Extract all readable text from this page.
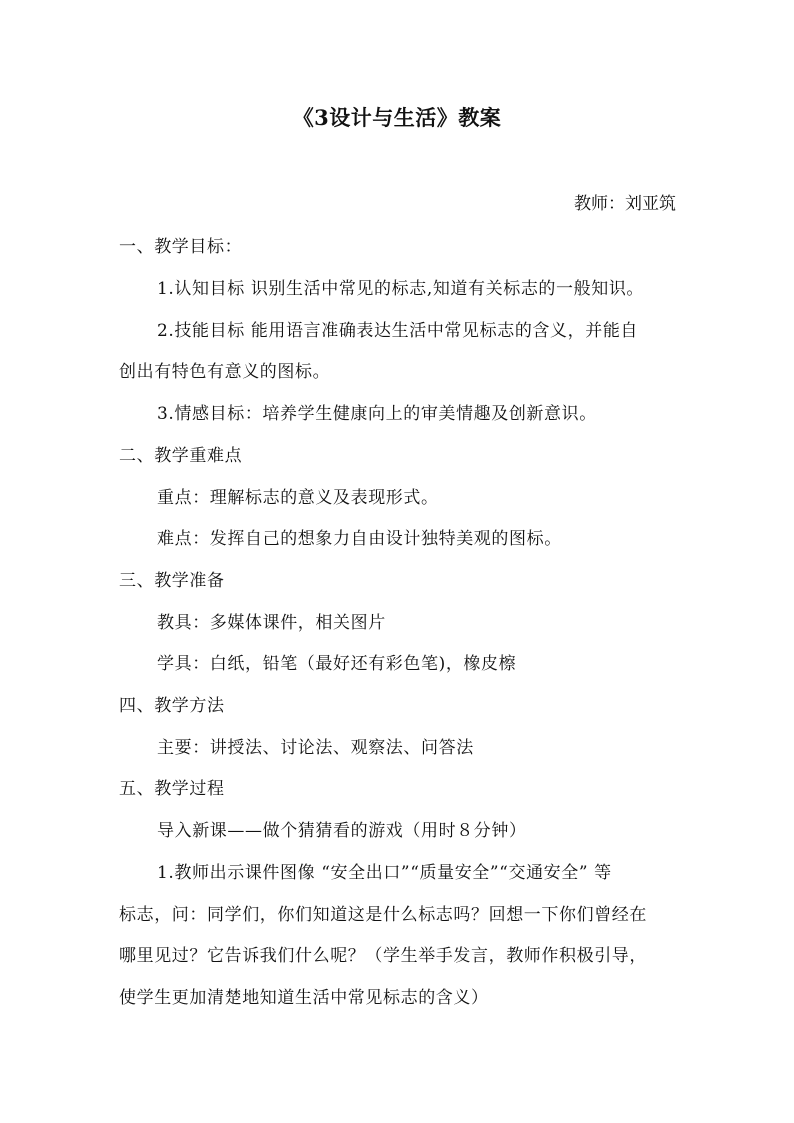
《3设计与生活》教案
教师：刘亚筑
一、教学目标：
1.认知目标 识别生活中常见的标志,知道有关标志的一般知识。
2.技能目标 能用语言准确表达生活中常见标志的含义，并能自
创出有特色有意义的图标。
3.情感目标：培养学生健康向上的审美情趣及创新意识。
二、教学重难点
重点：理解标志的意义及表现形式。
难点：发挥自己的想象力自由设计独特美观的图标。
三、教学准备
教具：多媒体课件，相关图片
学具：白纸，铅笔（最好还有彩色笔)，橡皮檫
四、教学方法
主要：讲授法、讨论法、观察法、问答法
五、教学过程
导入新课——做个猜猜看的游戏（用时８分钟）
1.教师出示课件图像 “安全出口”“质量安全”“交通安全” 等
标志，问：同学们，你们知道这是什么标志吗？回想一下你们曾经在
哪里见过？它告诉我们什么呢？（学生举手发言，教师作积极引导，
使学生更加清楚地知道生活中常见标志的含义）
